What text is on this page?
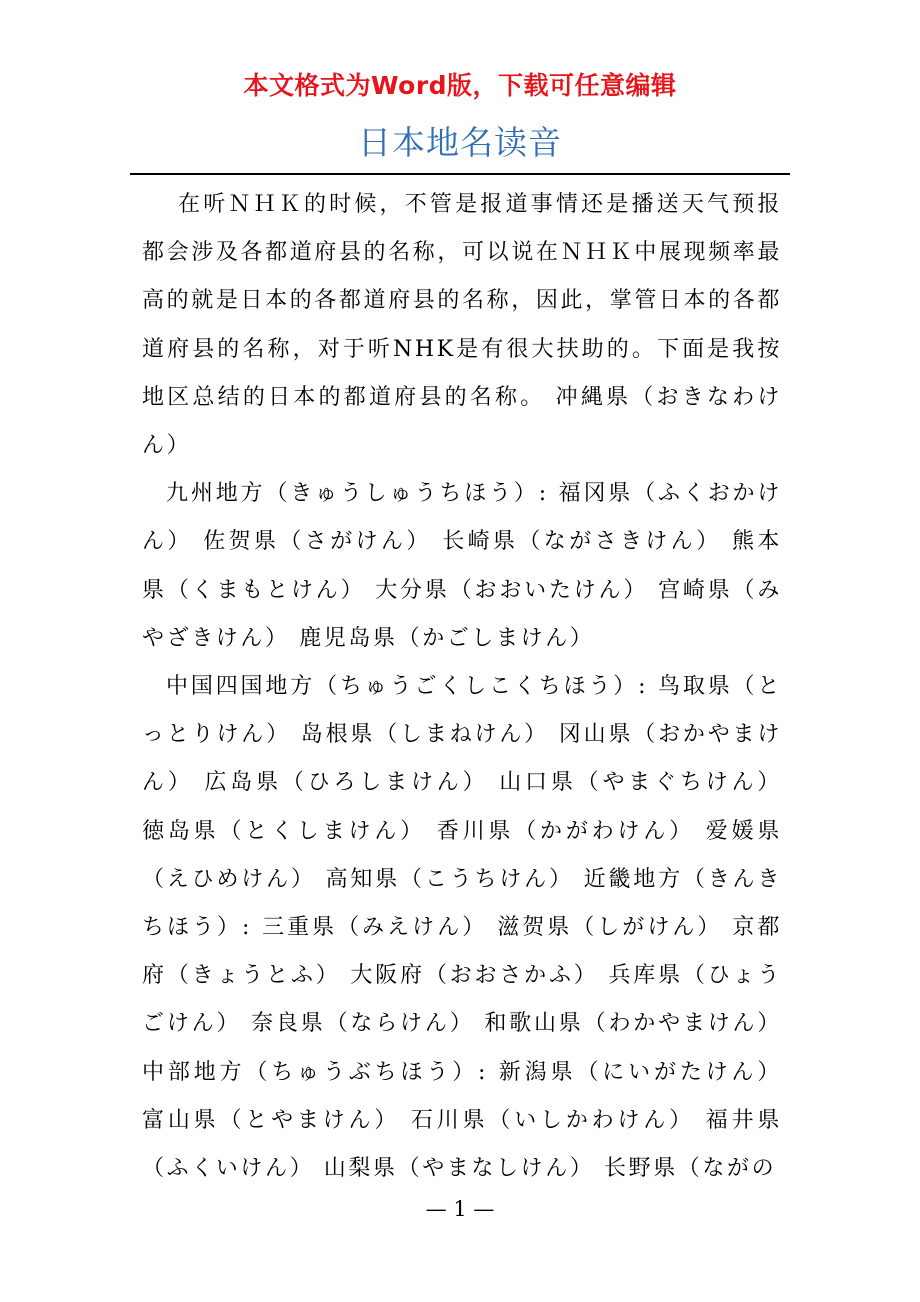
本文格式为Word版，下载可任意编辑
日本地名读音

在听ＮＨＫ的时候，不管是报道事情还是播送天气预报都会涉及各都道府县的名称，可以说在ＮＨＫ中展现频率最高的就是日本的各都道府县的名称，因此，掌管日本的各都道府县的名称，对于听NHK是有很大扶助的。下面是我按地区总结的日本的都道府县的名称。 冲縄県（おきなわけん）

九州地方（きゅうしゅうちほう）: 福冈県（ふくおかけん） 佐贺県（さがけん） 长崎県（ながさきけん） 熊本県（くまもとけん） 大分県（おおいたけん） 宫崎県（みやざきけん） 鹿児岛県（かごしまけん）

中国四国地方（ちゅうごくしこくちほう）: 鸟取県（とっとりけん） 岛根県（しまねけん） 冈山県（おかやまけん） 広岛県（ひろしまけん） 山口県（やまぐちけん） 徳岛県（とくしまけん） 香川県（かがわけん） 爱媛県（えひめけん） 高知県（こうちけん） 近畿地方（きんきちほう）: 三重県（みえけん） 滋贺県（しがけん） 京都府（きょうとふ） 大阪府（おおさかふ） 兵库県（ひょうごけん） 奈良県（ならけん） 和歌山県（わかやまけん） 中部地方（ちゅうぶちほう）: 新潟県（にいがたけん） 富山県（とやまけん） 石川県（いしかわけん） 福井県（ふくいけん） 山梨県（やまなしけん） 长野県（ながの

— 1 —
